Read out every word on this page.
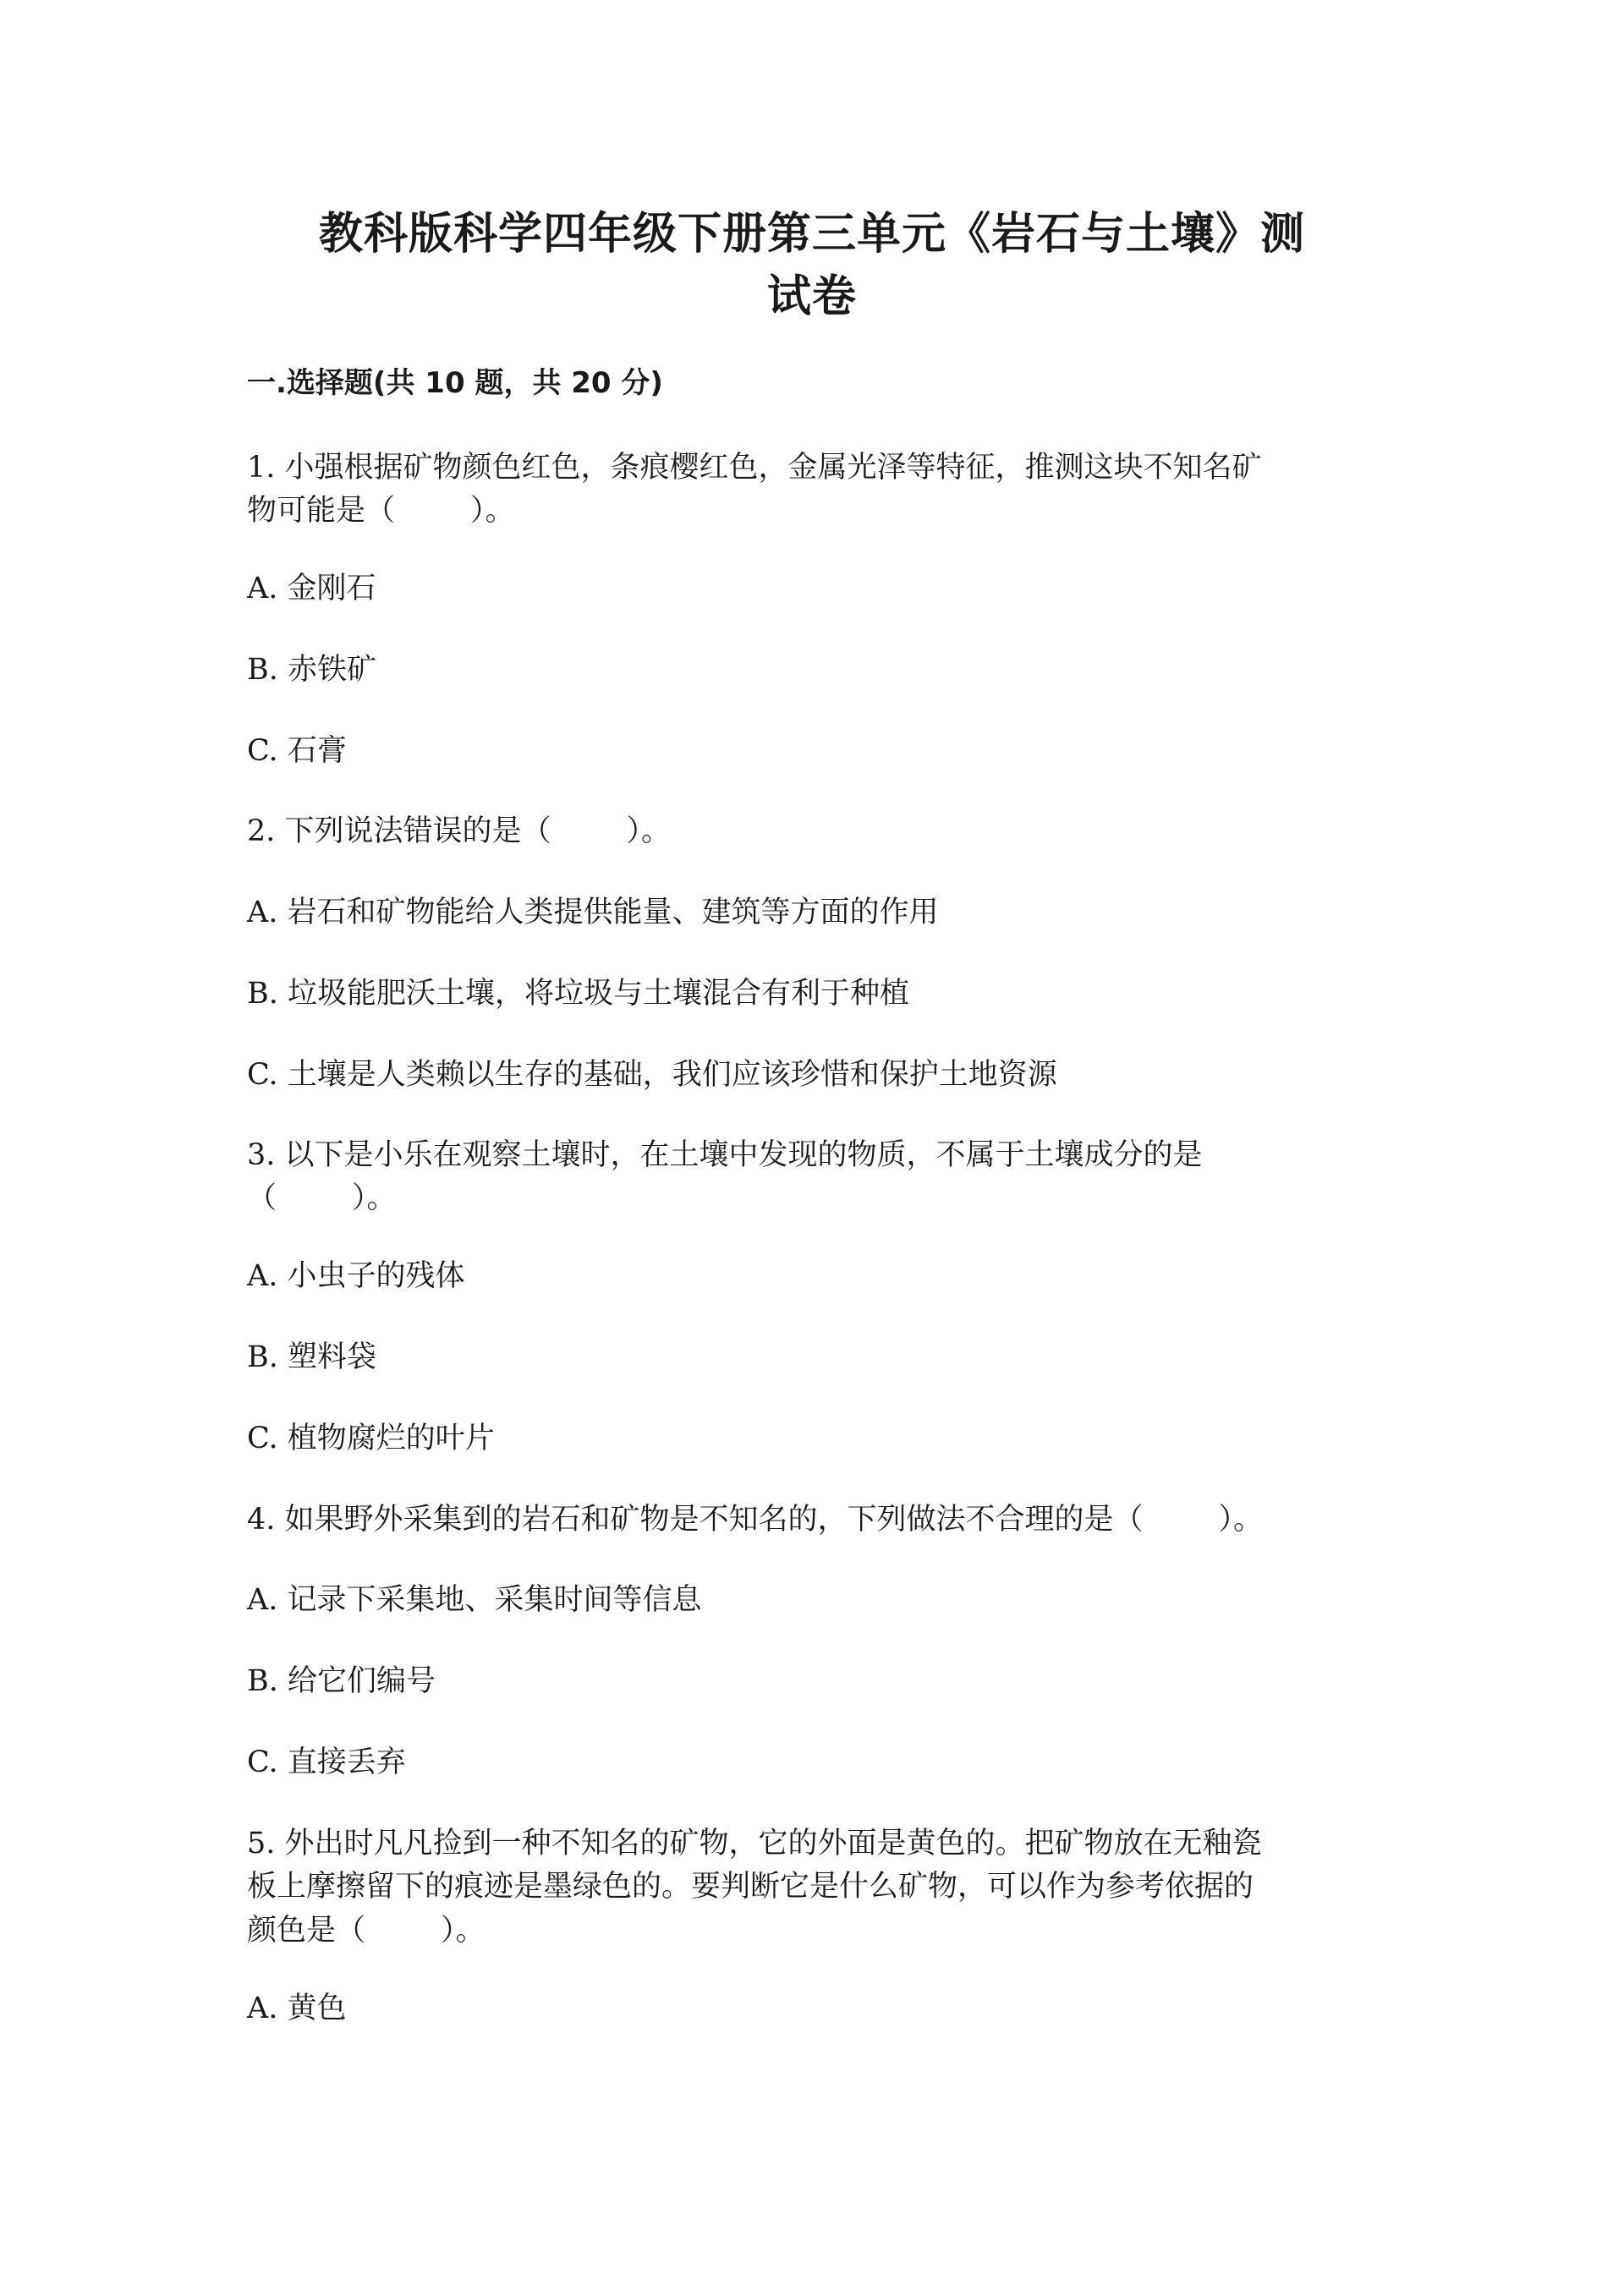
教科版科学四年级下册第三单元《岩石与土壤》测
试卷
一.选择题(共 10 题，共 20 分)

1. 小强根据矿物颜色红色，条痕樱红色，金属光泽等特征，推测这块不知名矿

物可能是（        ）。

A. 金刚石

B. 赤铁矿

C. 石膏

2. 下列说法错误的是（        ）。

A. 岩石和矿物能给人类提供能量、建筑等方面的作用

B. 垃圾能肥沃土壤，将垃圾与土壤混合有利于种植

C. 土壤是人类赖以生存的基础，我们应该珍惜和保护土地资源

3. 以下是小乐在观察土壤时，在土壤中发现的物质，不属于土壤成分的是

（        ）。

A. 小虫子的残体

B. 塑料袋

C. 植物腐烂的叶片

4. 如果野外采集到的岩石和矿物是不知名的，下列做法不合理的是（        ）。

A. 记录下采集地、采集时间等信息

B. 给它们编号

C. 直接丢弃

5. 外出时凡凡捡到一种不知名的矿物，它的外面是黄色的。把矿物放在无釉瓷

板上摩擦留下的痕迹是墨绿色的。要判断它是什么矿物，可以作为参考依据的

颜色是（        ）。

A. 黄色
